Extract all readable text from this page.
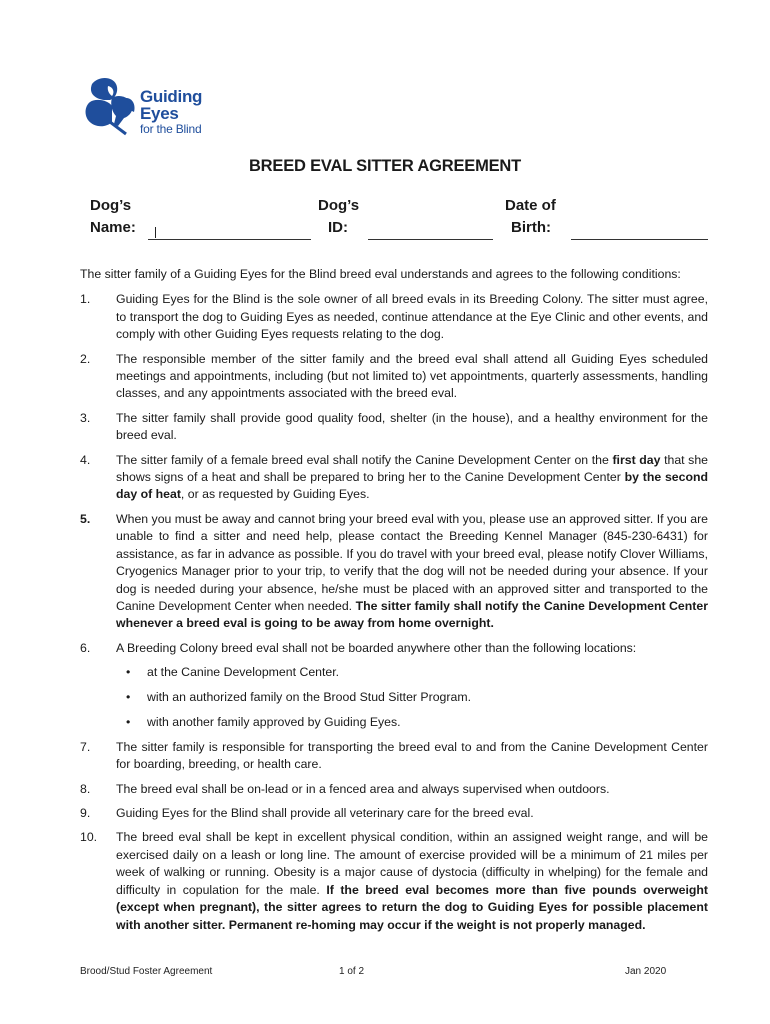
Guiding
Eyes
for the Blind
BREED EVAL SITTER AGREEMENT
Dog’s
Name:
Dog’s
ID:
Date of
Birth:

The sitter family of a Guiding Eyes for the Blind breed eval understands and agrees to the following conditions:

1. Guiding Eyes for the Blind is the sole owner of all breed evals in its Breeding Colony. The sitter must agree, to transport the dog to Guiding Eyes as needed, continue attendance at the Eye Clinic and other events, and comply with other Guiding Eyes requests relating to the dog.
2. The responsible member of the sitter family and the breed eval shall attend all Guiding Eyes scheduled meetings and appointments, including (but not limited to) vet appointments, quarterly assessments, handling classes, and any appointments associated with the breed eval.
3. The sitter family shall provide good quality food, shelter (in the house), and a healthy environment for the breed eval.
4. The sitter family of a female breed eval shall notify the Canine Development Center on the first day that she shows signs of a heat and shall be prepared to bring her to the Canine Development Center by the second day of heat, or as requested by Guiding Eyes.
5. When you must be away and cannot bring your breed eval with you, please use an approved sitter. If you are unable to find a sitter and need help, please contact the Breeding Kennel Manager (845-230-6431) for assistance, as far in advance as possible. If you do travel with your breed eval, please notify Clover Williams, Cryogenics Manager prior to your trip, to verify that the dog will not be needed during your absence. If your dog is needed during your absence, he/she must be placed with an approved sitter and transported to the Canine Development Center when needed. The sitter family shall notify the Canine Development Center whenever a breed eval is going to be away from home overnight.
6. A Breeding Colony breed eval shall not be boarded anywhere other than the following locations:
• at the Canine Development Center.
• with an authorized family on the Brood Stud Sitter Program.
• with another family approved by Guiding Eyes.
7. The sitter family is responsible for transporting the breed eval to and from the Canine Development Center for boarding, breeding, or health care.
8. The breed eval shall be on-lead or in a fenced area and always supervised when outdoors.
9. Guiding Eyes for the Blind shall provide all veterinary care for the breed eval.
10. The breed eval shall be kept in excellent physical condition, within an assigned weight range, and will be exercised daily on a leash or long line. The amount of exercise provided will be a minimum of 21 miles per week of walking or running. Obesity is a major cause of dystocia (difficulty in whelping) for the female and difficulty in copulation for the male. If the breed eval becomes more than five pounds overweight (except when pregnant), the sitter agrees to return the dog to Guiding Eyes for possible placement with another sitter. Permanent re-homing may occur if the weight is not properly managed.
Brood/Stud Foster Agreement	1 of 2	Jan 2020
